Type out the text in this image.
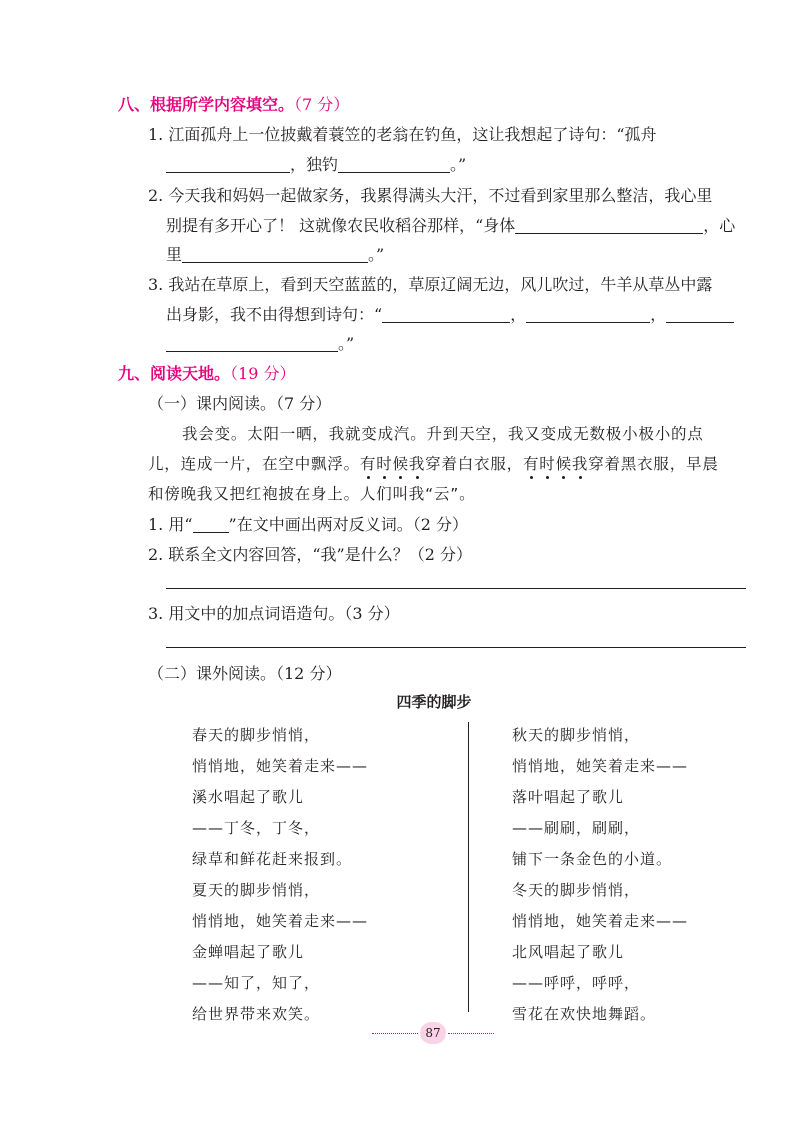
八、根据所学内容填空。（7 分）
1. 江面孤舟上一位披戴着蓑笠的老翁在钓鱼，这让我想起了诗句：“孤舟
，独钓	。”
2. 今天我和妈妈一起做家务，我累得满头大汗，不过看到家里那么整洁，我心里
别提有多开心了！ 这就像农民收稻谷那样，“身体	，心
里	。”
3. 我站在草原上，看到天空蓝蓝的，草原辽阔无边，风儿吹过，牛羊从草丛中露
出身影，我不由得想到诗句：“	，	，
。”
九、阅读天地。（19 分）
（一）课内阅读。（7 分）
我会变。太阳一晒，我就变成汽。升到天空，我又变成无数极小极小的点
儿，连成一片，在空中飘浮。有时候我穿着白衣服，有时候我穿着黑衣服，早晨
和傍晚我又把红袍披在身上。人们叫我“云”。
1. 用“ ”在文中画出两对反义词。（2 分）
2. 联系全文内容回答，“我”是什么？（2 分）
3. 用文中的加点词语造句。（3 分）
（二）课外阅读。（12 分）
四季的脚步
春天的脚步悄悄，
悄悄地，她笑着走来——
溪水唱起了歌儿
——丁冬，丁冬，
绿草和鲜花赶来报到。
夏天的脚步悄悄，
悄悄地，她笑着走来——
金蝉唱起了歌儿
——知了，知了，
给世界带来欢笑。
秋天的脚步悄悄，
悄悄地，她笑着走来——
落叶唱起了歌儿
——刷刷，刷刷，
铺下一条金色的小道。
冬天的脚步悄悄，
悄悄地，她笑着走来——
北风唱起了歌儿
——呼呼，呼呼，
雪花在欢快地舞蹈。
87
